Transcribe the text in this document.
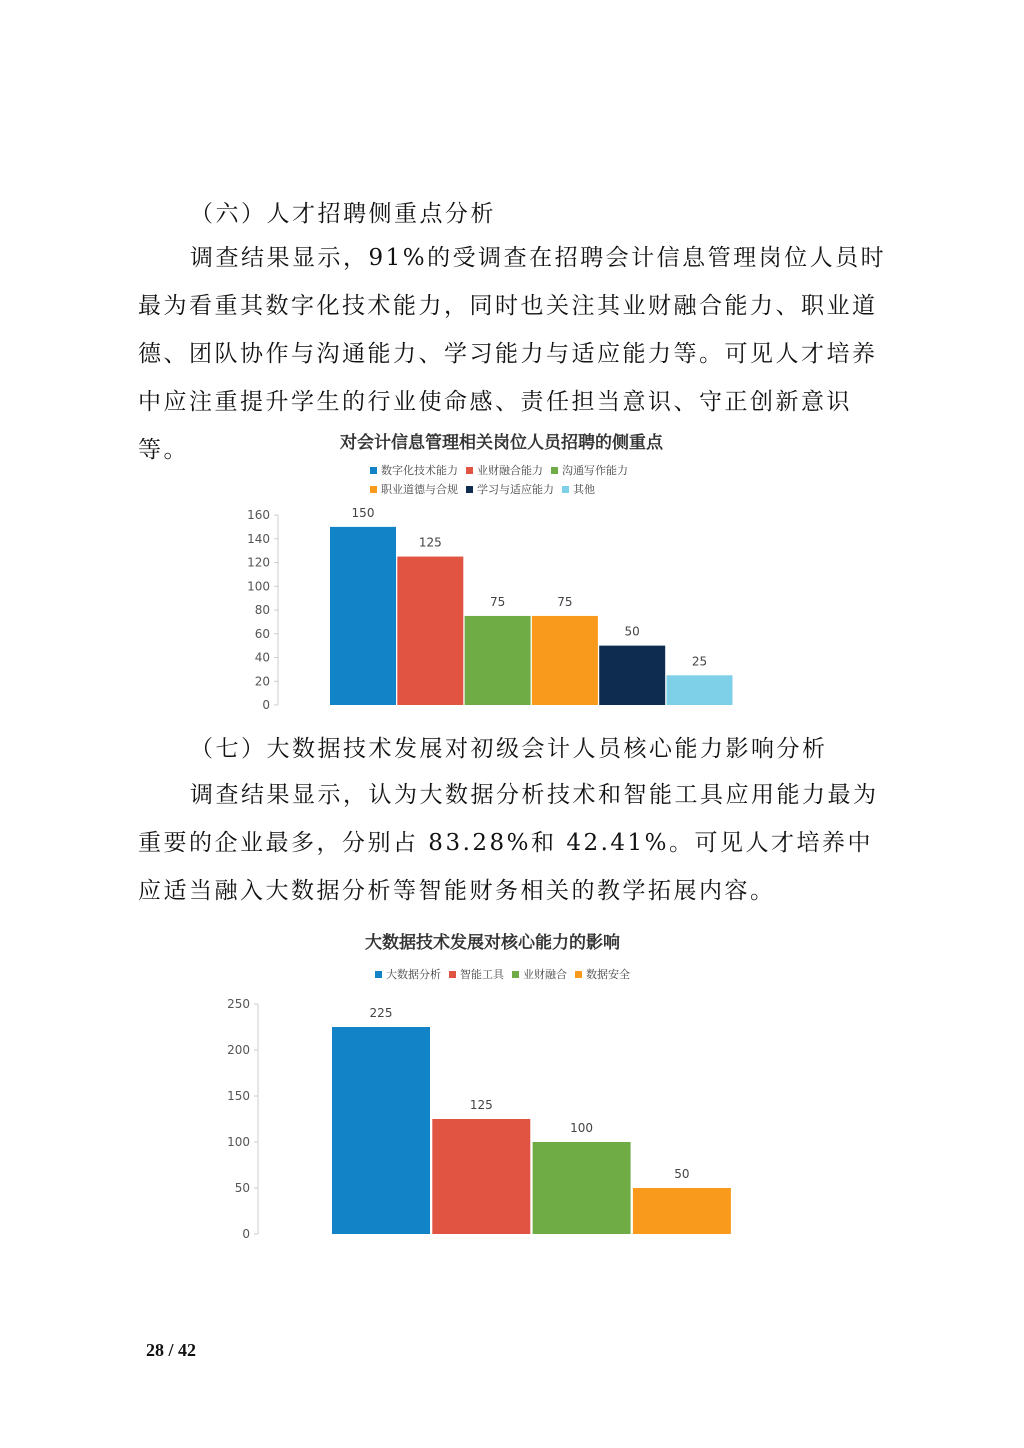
（六）人才招聘侧重点分析

调查结果显示，91%的受调查在招聘会计信息管理岗位人员时最为看重其数字化技术能力，同时也关注其业财融合能力、职业道德、团队协作与沟通能力、学习能力与适应能力等。可见人才培养中应注重提升学生的行业使命感、责任担当意识、守正创新意识等。	对会计信息管理相关岗位人员招聘的侧重点
数字化技术能力 业财融合能力 沟通写作能力
职业道德与合规 学习与适应能力 其他
0
20
40
60
80
100
120
140
160	150
125
75	75
50
25

（七）大数据技术发展对初级会计人员核心能力影响分析

调查结果显示，认为大数据分析技术和智能工具应用能力最为重要的企业最多，分别占 83.28%和 42.41%。可见人才培养中应适当融入大数据分析等智能财务相关的教学拓展内容。

大数据技术发展对核心能力的影响
大数据分析 智能工具 业财融合 数据安全
0
50
100
150
200
250
225
125
100
50
28 / 42
